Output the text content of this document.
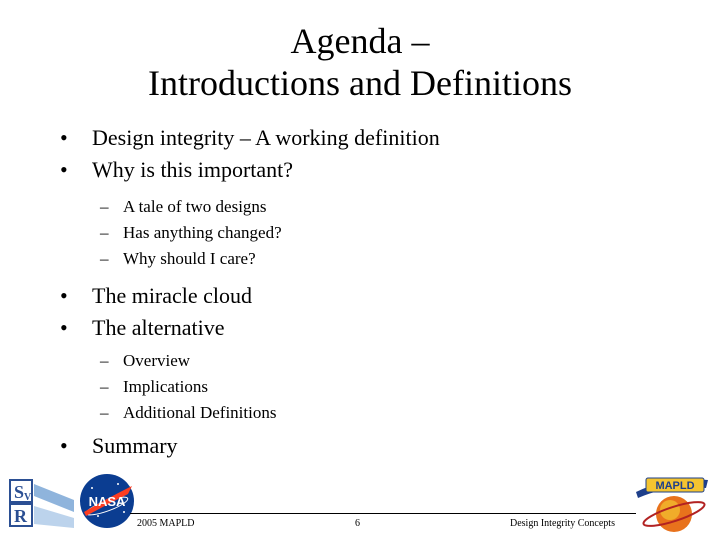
Agenda –
Introductions and Definitions
• Design integrity – A working definition
• Why is this important?
– A tale of two designs
– Has anything changed?
– Why should I care?
• The miracle cloud
• The alternative
– Overview
– Implications
– Additional Definitions
• Summary
S V
R
NASA
2005 MAPLD	6	Design Integrity Concepts
MAPLD
